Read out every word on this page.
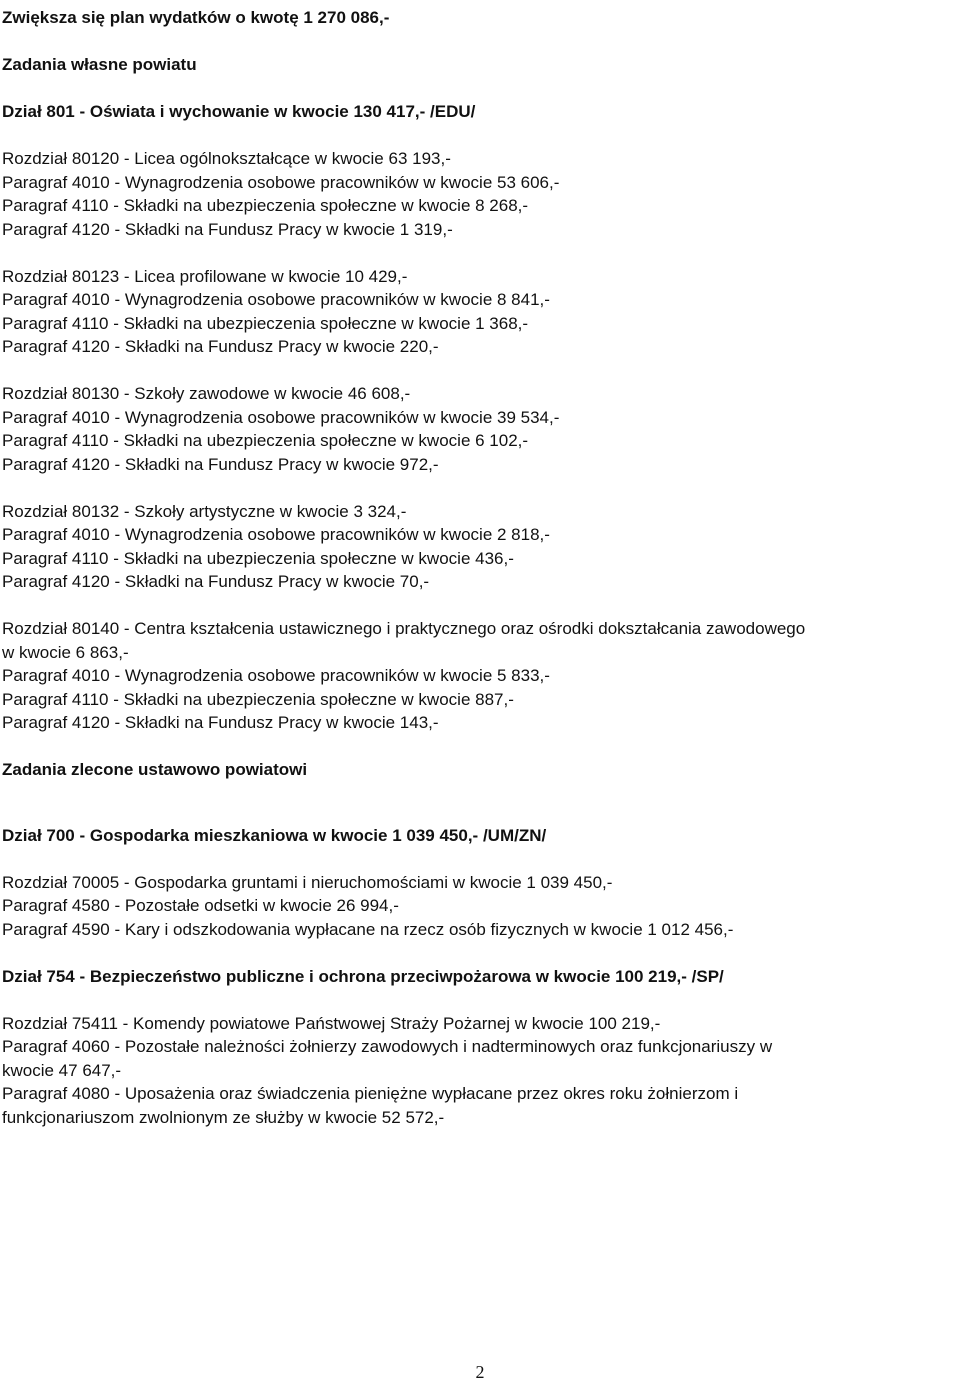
Zwiększa się plan wydatków o kwotę 1 270 086,-
Zadania własne powiatu
Dział 801 - Oświata i wychowanie w kwocie 130 417,- /EDU/
Rozdział 80120 - Licea ogólnokształcące w kwocie 63 193,-
Paragraf 4010 - Wynagrodzenia osobowe pracowników w kwocie 53 606,-
Paragraf 4110 - Składki na ubezpieczenia społeczne w kwocie 8 268,-
Paragraf 4120 - Składki na Fundusz Pracy w kwocie 1 319,-
Rozdział 80123 - Licea profilowane w kwocie 10 429,-
Paragraf 4010 - Wynagrodzenia osobowe pracowników w kwocie 8 841,-
Paragraf 4110 - Składki na ubezpieczenia społeczne w kwocie 1 368,-
Paragraf 4120 - Składki na Fundusz Pracy w kwocie 220,-
Rozdział 80130 - Szkoły zawodowe w kwocie 46 608,-
Paragraf 4010 - Wynagrodzenia osobowe pracowników w kwocie 39 534,-
Paragraf 4110 - Składki na ubezpieczenia społeczne w kwocie 6 102,-
Paragraf 4120 - Składki na Fundusz Pracy w kwocie 972,-
Rozdział 80132 - Szkoły artystyczne w kwocie 3 324,-
Paragraf 4010 - Wynagrodzenia osobowe pracowników w kwocie 2 818,-
Paragraf 4110 - Składki na ubezpieczenia społeczne w kwocie 436,-
Paragraf 4120 - Składki na Fundusz Pracy w kwocie 70,-
Rozdział 80140 - Centra kształcenia ustawicznego i praktycznego oraz ośrodki dokształcania zawodowego
w kwocie 6 863,-
Paragraf 4010 - Wynagrodzenia osobowe pracowników w kwocie 5 833,-
Paragraf 4110 - Składki na ubezpieczenia społeczne w kwocie 887,-
Paragraf 4120 - Składki na Fundusz Pracy w kwocie 143,-
Zadania zlecone ustawowo powiatowi
Dział 700 - Gospodarka mieszkaniowa w kwocie 1 039 450,- /UM/ZN/
Rozdział 70005 - Gospodarka gruntami i nieruchomościami w kwocie 1 039 450,-
Paragraf 4580 - Pozostałe odsetki w kwocie 26 994,-
Paragraf 4590 - Kary i odszkodowania wypłacane na rzecz osób fizycznych w kwocie 1 012 456,-
Dział 754 - Bezpieczeństwo publiczne i ochrona przeciwpożarowa w kwocie 100 219,- /SP/
Rozdział 75411 - Komendy powiatowe Państwowej Straży Pożarnej w kwocie 100 219,-
Paragraf 4060 - Pozostałe należności żołnierzy zawodowych i nadterminowych oraz funkcjonariuszy w
kwocie 47 647,-
Paragraf 4080 - Uposażenia oraz świadczenia pieniężne wypłacane przez okres roku żołnierzom i
funkcjonariuszom zwolnionym ze służby w kwocie 52 572,-
2
